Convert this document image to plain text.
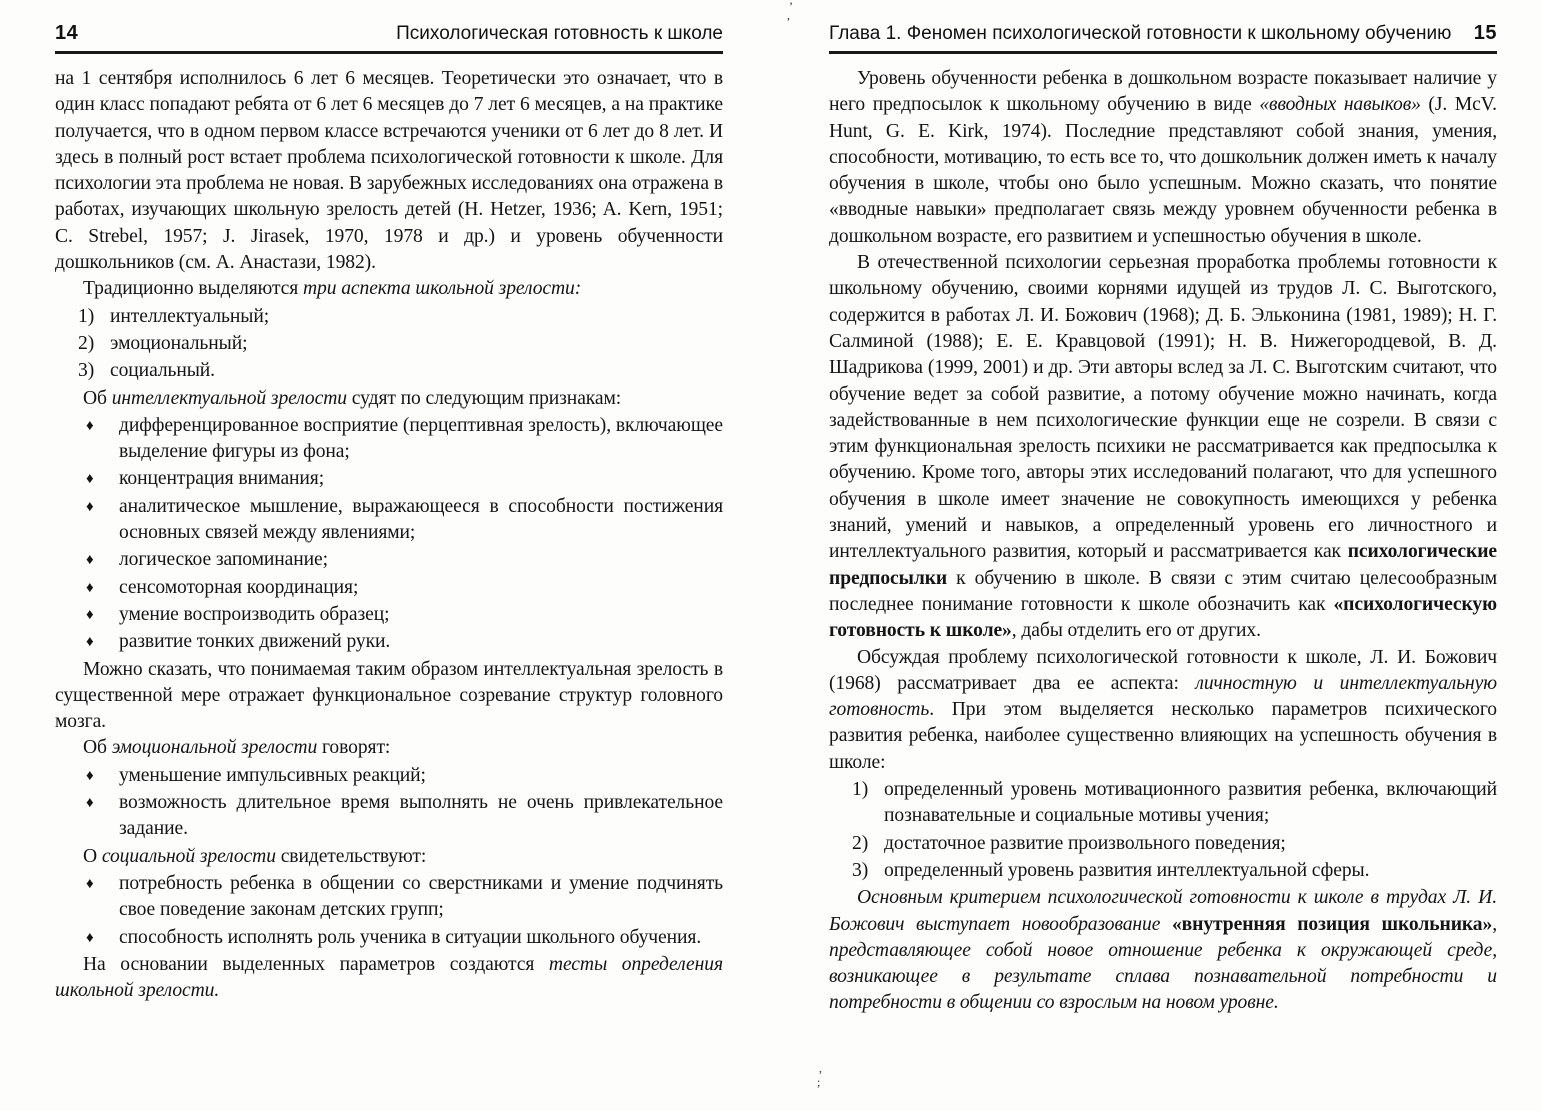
14	Психологическая готовность к школе

на 1 сентября исполнилось 6 лет 6 месяцев. Теоретически это означает, что в один класс попадают ребята от 6 лет 6 месяцев до 7 лет 6 месяцев, а на практике получается, что в одном первом классе встречаются ученики от 6 лет до 8 лет. И здесь в полный рост встает проблема психологической готовности к школе. Для психологии эта проблема не новая. В зарубежных исследованиях она отражена в работах, изучающих школьную зрелость детей (H. Hetzer, 1936; A. Kern, 1951; C. Strebel, 1957; J. Jirasek, 1970, 1978 и др.) и уровень обученности дошкольников (см. А. Анастази, 1982).

Традиционно выделяются три аспекта школьной зрелости:

1) интеллектуальный;
2) эмоциональный;
3) социальный.

Об интеллектуальной зрелости судят по следующим признакам:

♦	дифференцированное восприятие (перцептивная зрелость), включающее выделение фигуры из фона;
♦	концентрация внимания;
♦	аналитическое мышление, выражающееся в способности постижения основных связей между явлениями;
♦	логическое запоминание;
♦	сенсомоторная координация;
♦	умение воспроизводить образец;
♦	развитие тонких движений руки.

Можно сказать, что понимаемая таким образом интеллектуальная зрелость в существенной мере отражает функциональное созревание структур головного мозга.

Об эмоциональной зрелости говорят:

♦	уменьшение импульсивных реакций;
♦	возможность длительное время выполнять не очень привлекательное задание.

О социальной зрелости свидетельствуют:

♦	потребность ребенка в общении со сверстниками и умение подчинять свое поведение законам детских групп;
♦	способность исполнять роль ученика в ситуации школьного обучения.

На основании выделенных параметров создаются тесты определения школьной зрелости.

Глава 1. Феномен психологической готовности к школьному обучению 15

Уровень обученности ребенка в дошкольном возрасте показывает наличие у него предпосылок к школьному обучению в виде «вводных навыков» (J. McV. Hunt, G. E. Kirk, 1974). Последние представляют собой знания, умения, способности, мотивацию, то есть все то, что дошкольник должен иметь к началу обучения в школе, чтобы оно было успешным. Можно сказать, что понятие «вводные навыки» предполагает связь между уровнем обученности ребенка в дошкольном возрасте, его развитием и успешностью обучения в школе.

В отечественной психологии серьезная проработка проблемы готовности к школьному обучению, своими корнями идущей из трудов Л. С. Выготского, содержится в работах Л. И. Божович (1968); Д. Б. Эльконина (1981, 1989); Н. Г. Салминой (1988); Е. Е. Кравцовой (1991); Н. В. Нижегородцевой, В. Д. Шадрикова (1999, 2001) и др. Эти авторы вслед за Л. С. Выготским считают, что обучение ведет за собой развитие, а потому обучение можно начинать, когда задействованные в нем психологические функции еще не созрели. В связи с этим функциональная зрелость психики не рассматривается как предпосылка к обучению. Кроме того, авторы этих исследований полагают, что для успешного обучения в школе имеет значение не совокупность имеющихся у ребенка знаний, умений и навыков, а определенный уровень его личностного и интеллектуального развития, который и рассматривается как психологические предпосылки к обучению в школе. В связи с этим считаю целесообразным последнее понимание готовности к школе обозначить как «психологическую готовность к школе», дабы отделить его от других.

Обсуждая проблему психологической готовности к школе, Л. И. Божович (1968) рассматривает два ее аспекта: личностную и интеллектуальную готовность. При этом выделяется несколько параметров психического развития ребенка, наиболее существенно влияющих на успешность обучения в школе:

1) определенный уровень мотивационного развития ребенка, включающий познавательные и социальные мотивы учения;
2) достаточное развитие произвольного поведения;
3) определенный уровень развития интеллектуальной сферы.

Основным критерием психологической готовности к школе в трудах Л. И. Божович выступает новообразование «внутренняя позиция школьника», представляющее собой новое отношение ребенка к окружающей среде, возникающее в результате сплава познавательной потребности и потребности в общении со взрослым на новом уровне.

’
,
,
;
